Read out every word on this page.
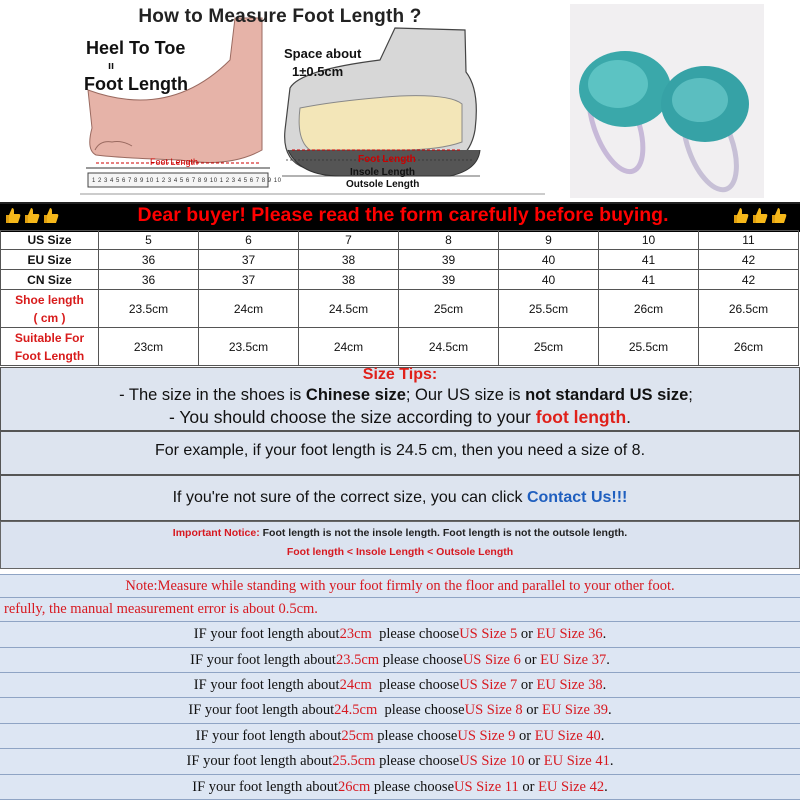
How to Measure Foot Length ?
Heel To Toe
ıı
Foot Length
Space about
1±0.5cm
Foot Length	Foot Length
Insole Length
Outsole Length
1 2 3 4 5 6 7 8 9 10 1 2 3 4 5 6 7 8 9 10 1 2 3 4 5 6 7 8 9 10
Dear buyer! Please read the form carefully before buying.
US Size	5	6	7	8	9	10	11
EU Size	36	37	38	39	40	41	42
CN Size	36	37	38	39	40	41	42

Shoe length
( cm )	23.5cm	24cm	24.5cm	25cm	25.5cm	26cm	26.5cm

Suitable For
Foot Length	23cm	23.5cm	24cm	24.5cm	25cm	25.5cm	26cm
Size Tips:
- The size in the shoes is Chinese size; Our US size is not standard US size;
- You should choose the size according to your foot length.
For example, if your foot length is 24.5 cm, then you need a size of 8.
If you're not sure of the correct size, you can click Contact Us!!!
Important Notice: Foot length is not the insole length. Foot length is not the outsole length.
Foot length < Insole Length < Outsole Length
Note:Measure while standing with your foot firmly on the floor and parallel to your other foot.
refully, the manual measurement error is about 0.5cm.
IF your foot length about23cm please chooseUS Size 5 or EU Size 36.
IF your foot length about23.5cm please chooseUS Size 6 or EU Size 37.
IF your foot length about24cm please chooseUS Size 7 or EU Size 38.
IF your foot length about24.5cm please chooseUS Size 8 or EU Size 39.
IF your foot length about25cm please chooseUS Size 9 or EU Size 40.
IF your foot length about25.5cm please chooseUS Size 10 or EU Size 41.
IF your foot length about26cm please chooseUS Size 11 or EU Size 42.
